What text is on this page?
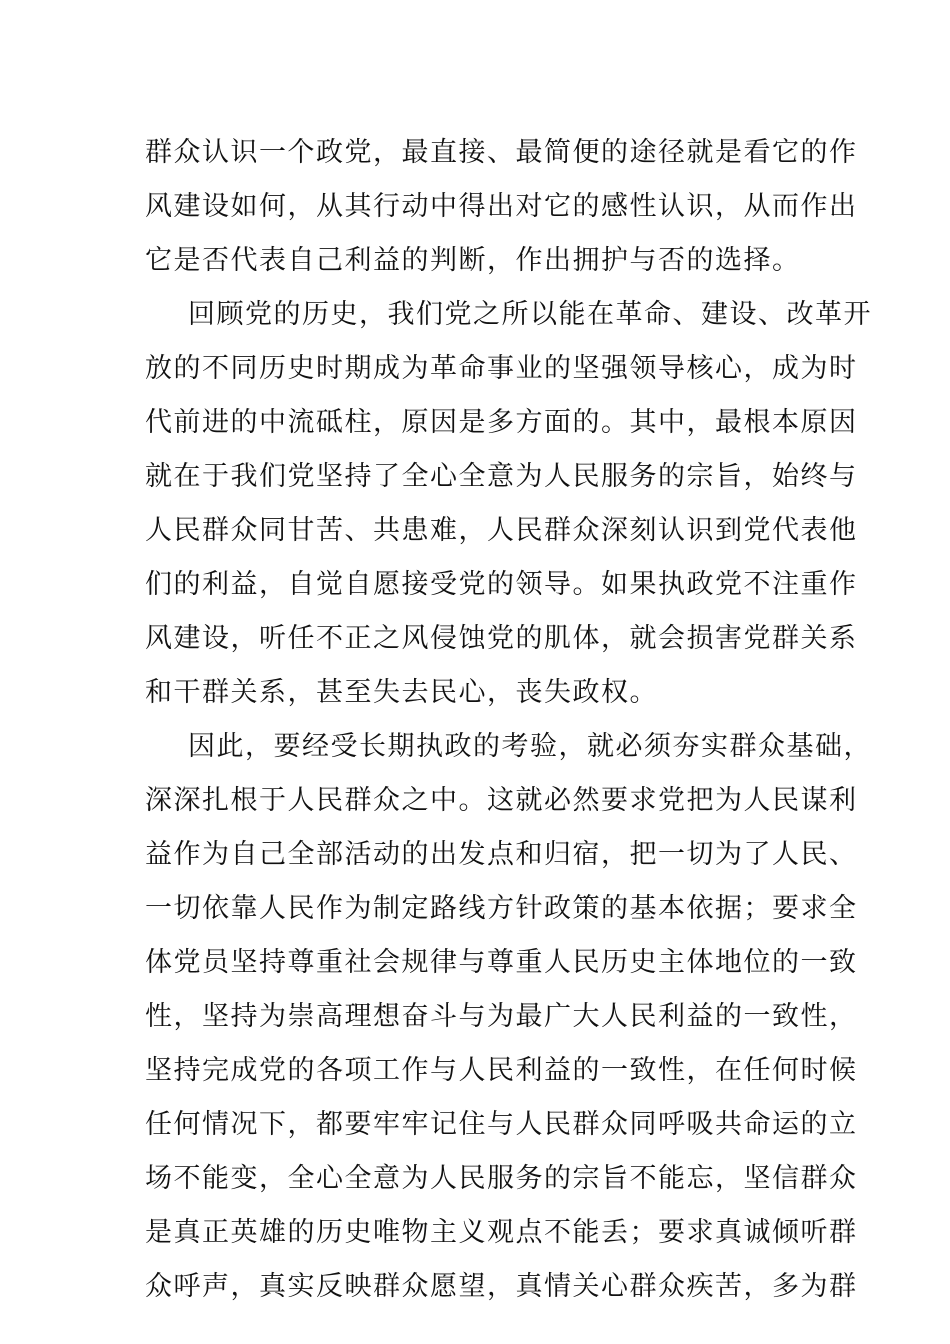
群众认识一个政党，最直接、最简便的途径就是看它的作
风建设如何，从其行动中得出对它的感性认识，从而作出
它是否代表自己利益的判断，作出拥护与否的选择。
回顾党的历史，我们党之所以能在革命、建设、改革开
放的不同历史时期成为革命事业的坚强领导核心，成为时
代前进的中流砥柱，原因是多方面的。其中，最根本原因
就在于我们党坚持了全心全意为人民服务的宗旨，始终与
人民群众同甘苦、共患难，人民群众深刻认识到党代表他
们的利益，自觉自愿接受党的领导。如果执政党不注重作
风建设，听任不正之风侵蚀党的肌体，就会损害党群关系
和干群关系，甚至失去民心，丧失政权。
因此，要经受长期执政的考验，就必须夯实群众基础，
深深扎根于人民群众之中。这就必然要求党把为人民谋利
益作为自己全部活动的出发点和归宿，把一切为了人民、
一切依靠人民作为制定路线方针政策的基本依据；要求全
体党员坚持尊重社会规律与尊重人民历史主体地位的一致
性，坚持为崇高理想奋斗与为最广大人民利益的一致性，
坚持完成党的各项工作与人民利益的一致性，在任何时候
任何情况下，都要牢牢记住与人民群众同呼吸共命运的立
场不能变，全心全意为人民服务的宗旨不能忘，坚信群众
是真正英雄的历史唯物主义观点不能丢；要求真诚倾听群
众呼声，真实反映群众愿望，真情关心群众疾苦，多为群
